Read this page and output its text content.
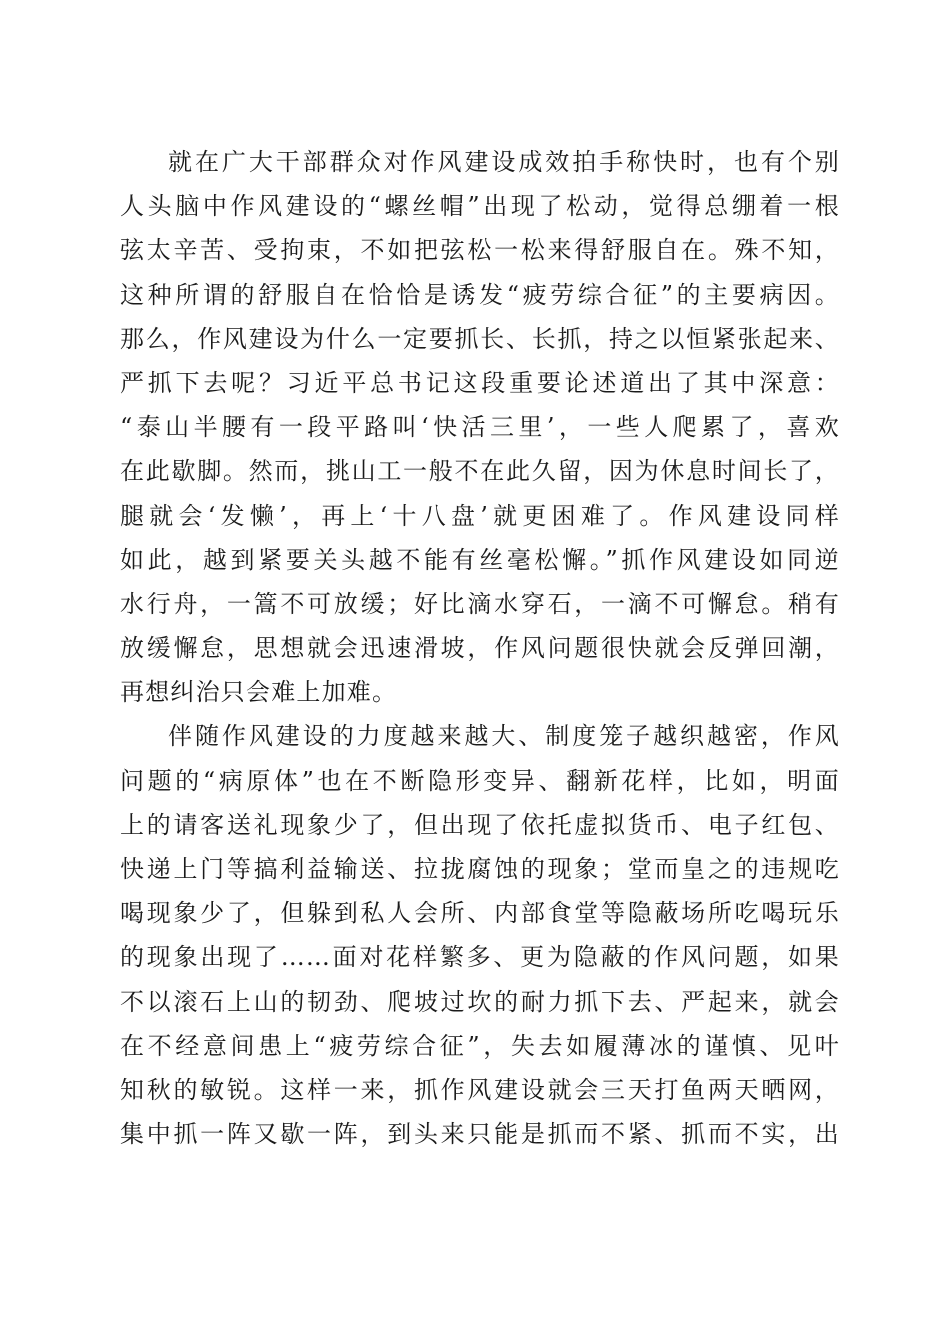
就在广大干部群众对作风建设成效拍手称快时，也有个别
人头脑中作风建设的“螺丝帽”出现了松动，觉得总绷着一根
弦太辛苦、受拘束，不如把弦松一松来得舒服自在。殊不知，
这种所谓的舒服自在恰恰是诱发“疲劳综合征”的主要病因。
那么，作风建设为什么一定要抓长、长抓，持之以恒紧张起来、
严抓下去呢？习近平总书记这段重要论述道出了其中深意：
“泰山半腰有一段平路叫‘快活三里’，一些人爬累了，喜欢
在此歇脚。然而，挑山工一般不在此久留，因为休息时间长了，
腿就会‘发懒’，再上‘十八盘’就更困难了。作风建设同样
如此，越到紧要关头越不能有丝毫松懈。”抓作风建设如同逆
水行舟，一篙不可放缓；好比滴水穿石，一滴不可懈怠。稍有
放缓懈怠，思想就会迅速滑坡，作风问题很快就会反弹回潮，
再想纠治只会难上加难。
伴随作风建设的力度越来越大、制度笼子越织越密，作风
问题的“病原体”也在不断隐形变异、翻新花样，比如，明面
上的请客送礼现象少了，但出现了依托虚拟货币、电子红包、
快递上门等搞利益输送、拉拢腐蚀的现象；堂而皇之的违规吃
喝现象少了，但躲到私人会所、内部食堂等隐蔽场所吃喝玩乐
的现象出现了……面对花样繁多、更为隐蔽的作风问题，如果
不以滚石上山的韧劲、爬坡过坎的耐力抓下去、严起来，就会
在不经意间患上“疲劳综合征”，失去如履薄冰的谨慎、见叶
知秋的敏锐。这样一来，抓作风建设就会三天打鱼两天晒网，
集中抓一阵又歇一阵，到头来只能是抓而不紧、抓而不实，出
